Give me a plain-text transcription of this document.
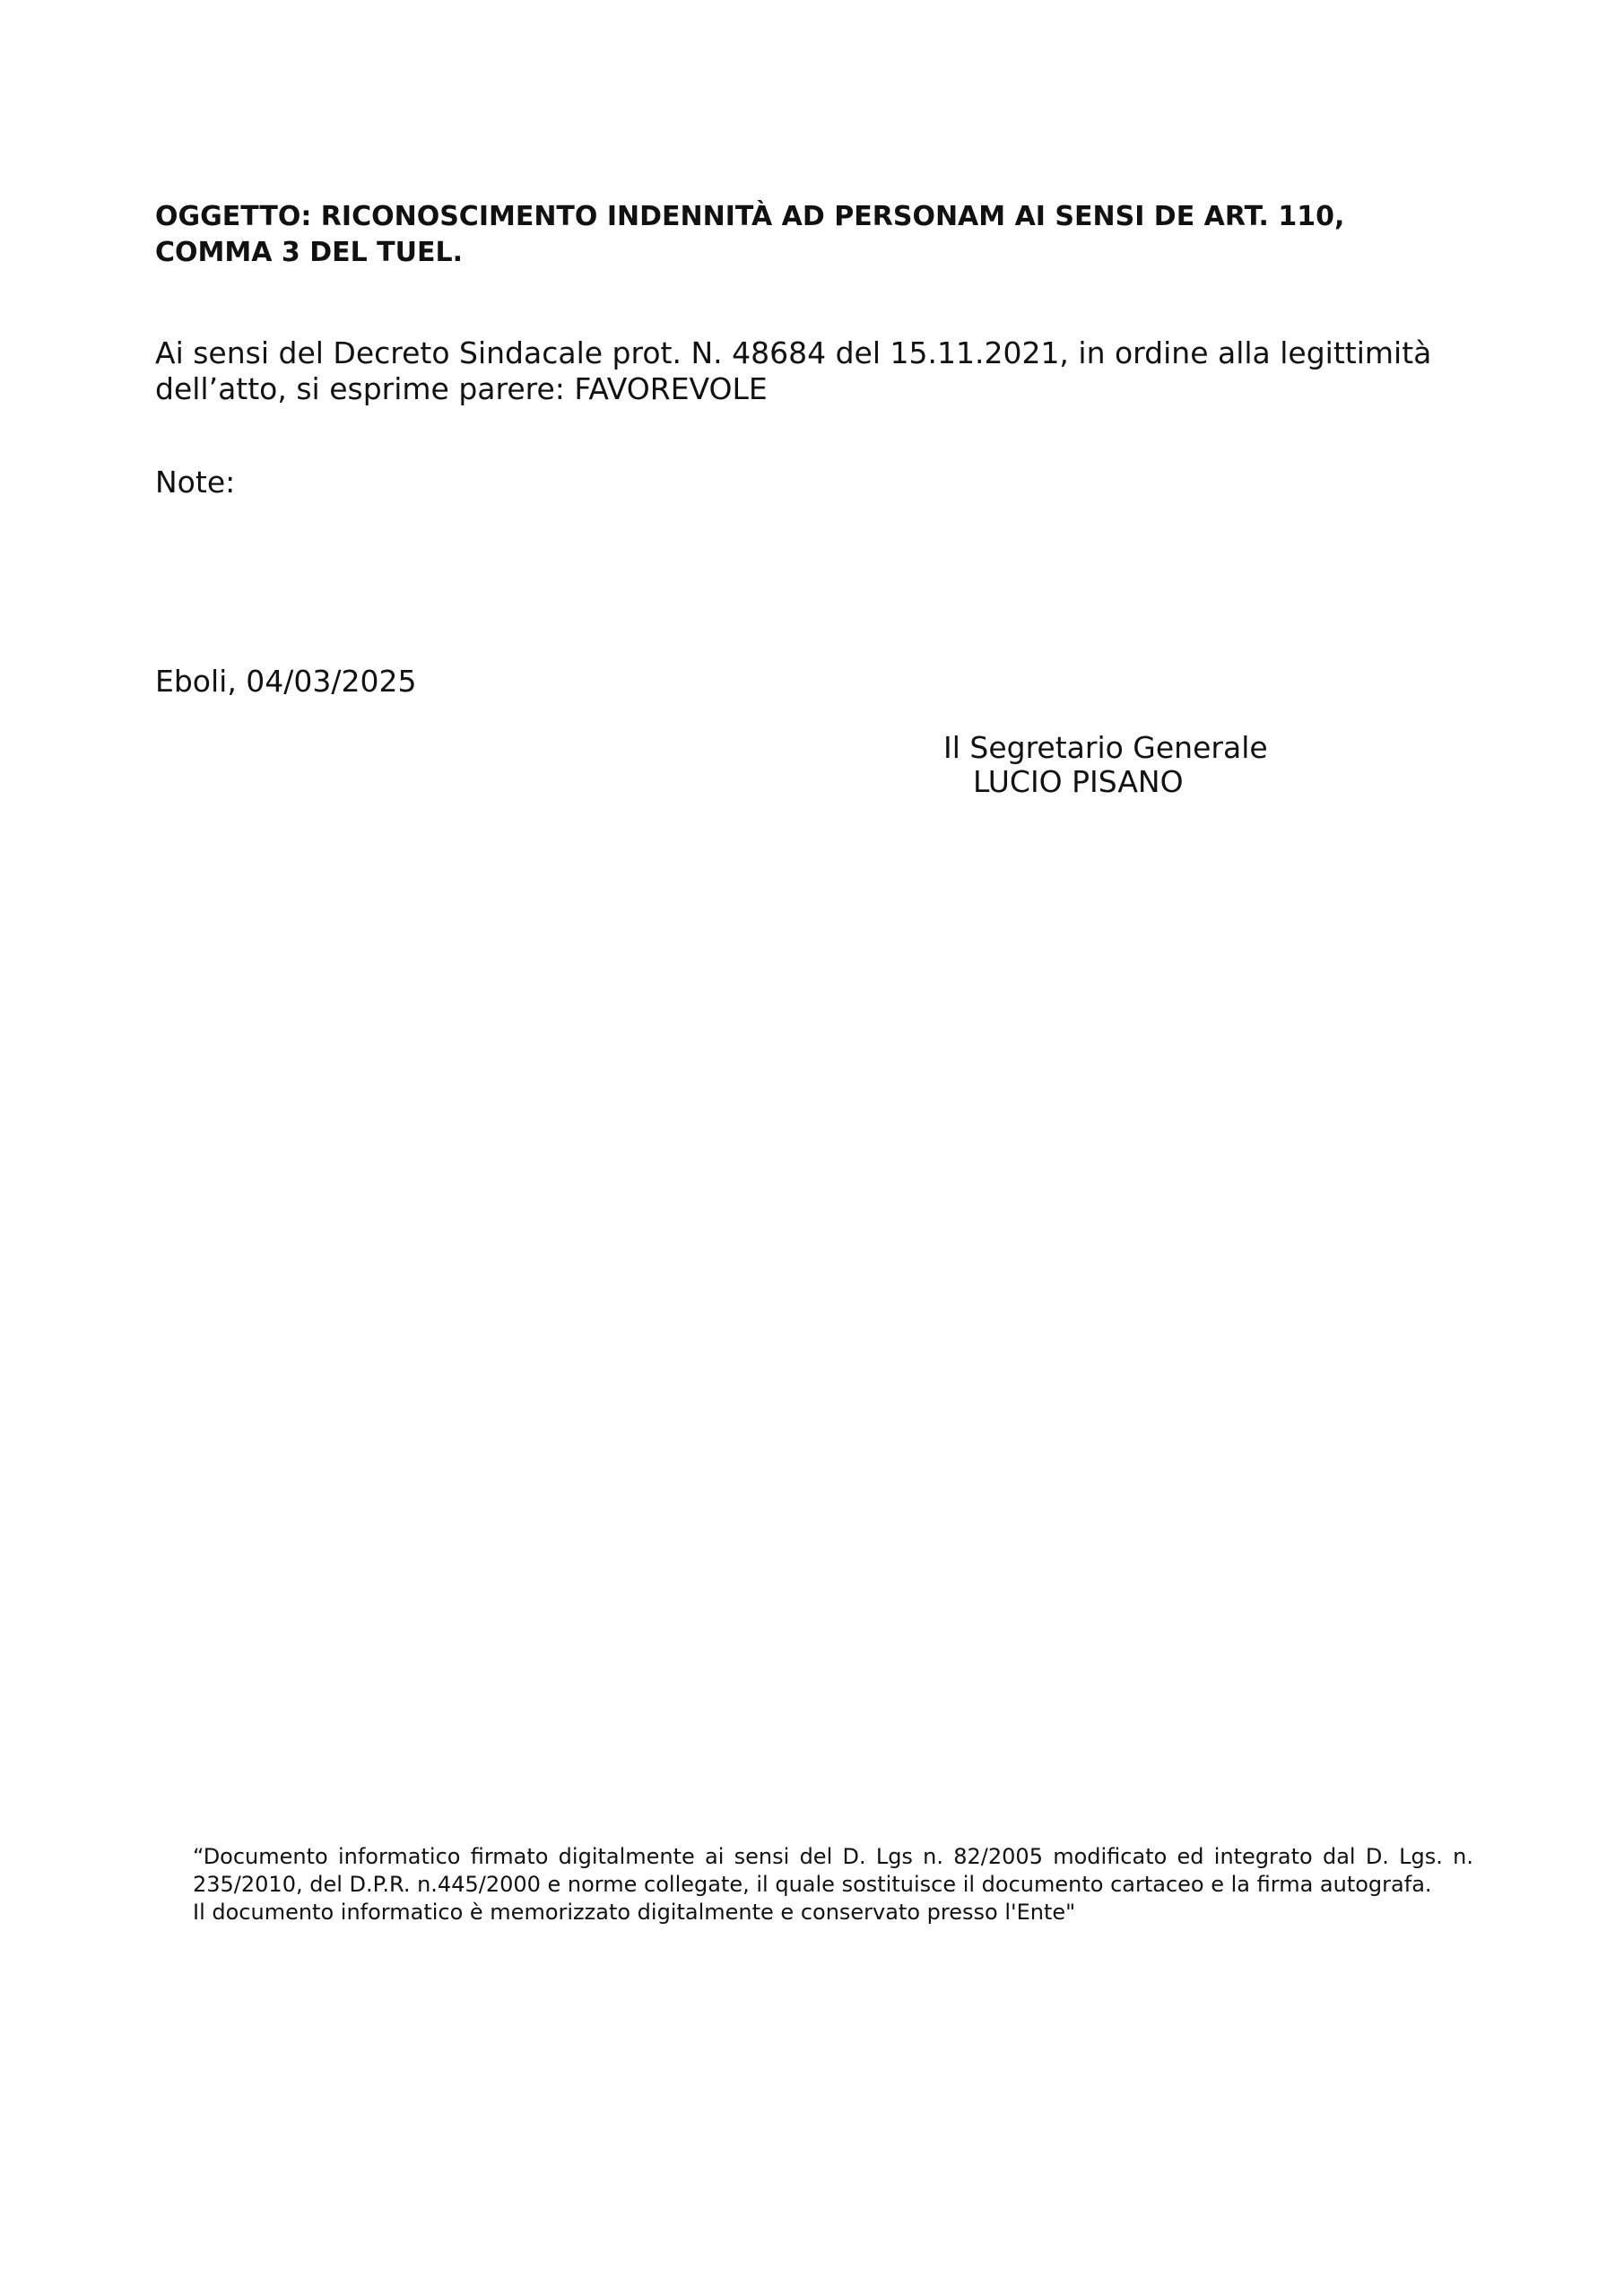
OGGETTO: RICONOSCIMENTO INDENNITÀ AD PERSONAM AI SENSI DE ART. 110,
COMMA 3 DEL TUEL.

Ai sensi del Decreto Sindacale prot. N. 48684 del 15.11.2021, in ordine alla legittimità
dell’atto, si esprime parere: FAVOREVOLE

Note:

Eboli, 04/03/2025

Il Segretario Generale

LUCIO PISANO

“Documento informatico firmato digitalmente ai sensi del D. Lgs n. 82/2005 modificato ed integrato dal D. Lgs. n. 235/2010, del D.P.R. n.445/2000 e norme collegate, il quale sostituisce il documento cartaceo e la firma autografa.

Il documento informatico è memorizzato digitalmente e conservato presso l'Ente"
